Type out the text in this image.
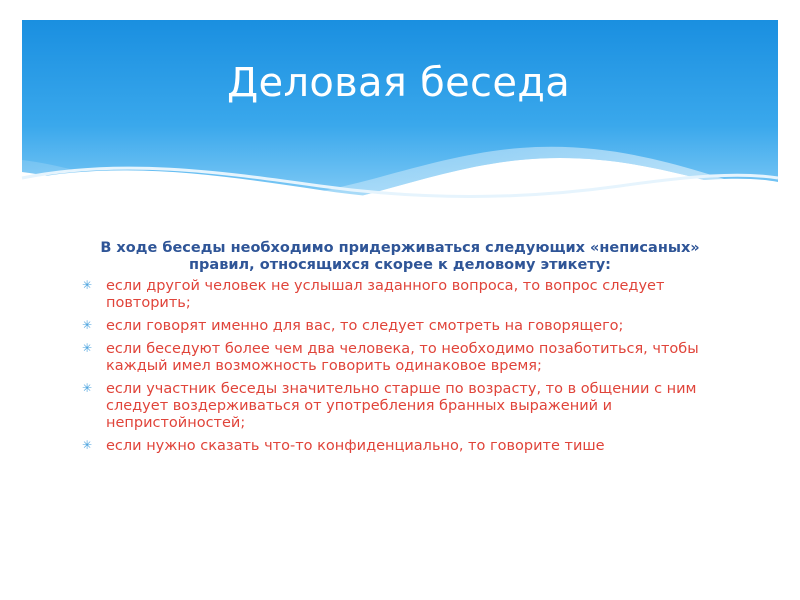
Деловая беседа

В ходе беседы необходимо придерживаться следующих «неписаных» правил, относящихся скорее к деловому этикету:

✳ если другой человек не услышал заданного вопроса, то вопрос следует повторить;
✳ если говорят именно для вас, то следует смотреть на говорящего;
✳ если беседуют более чем два человека, то необходимо позаботиться, чтобы каждый имел возможность говорить одинаковое время;
✳ если участник беседы значительно старше по возрасту, то в общении с ним следует воздерживаться от употребления бранных выражений и непристойностей;
✳ если нужно сказать что-то конфиденциально, то говорите тише
